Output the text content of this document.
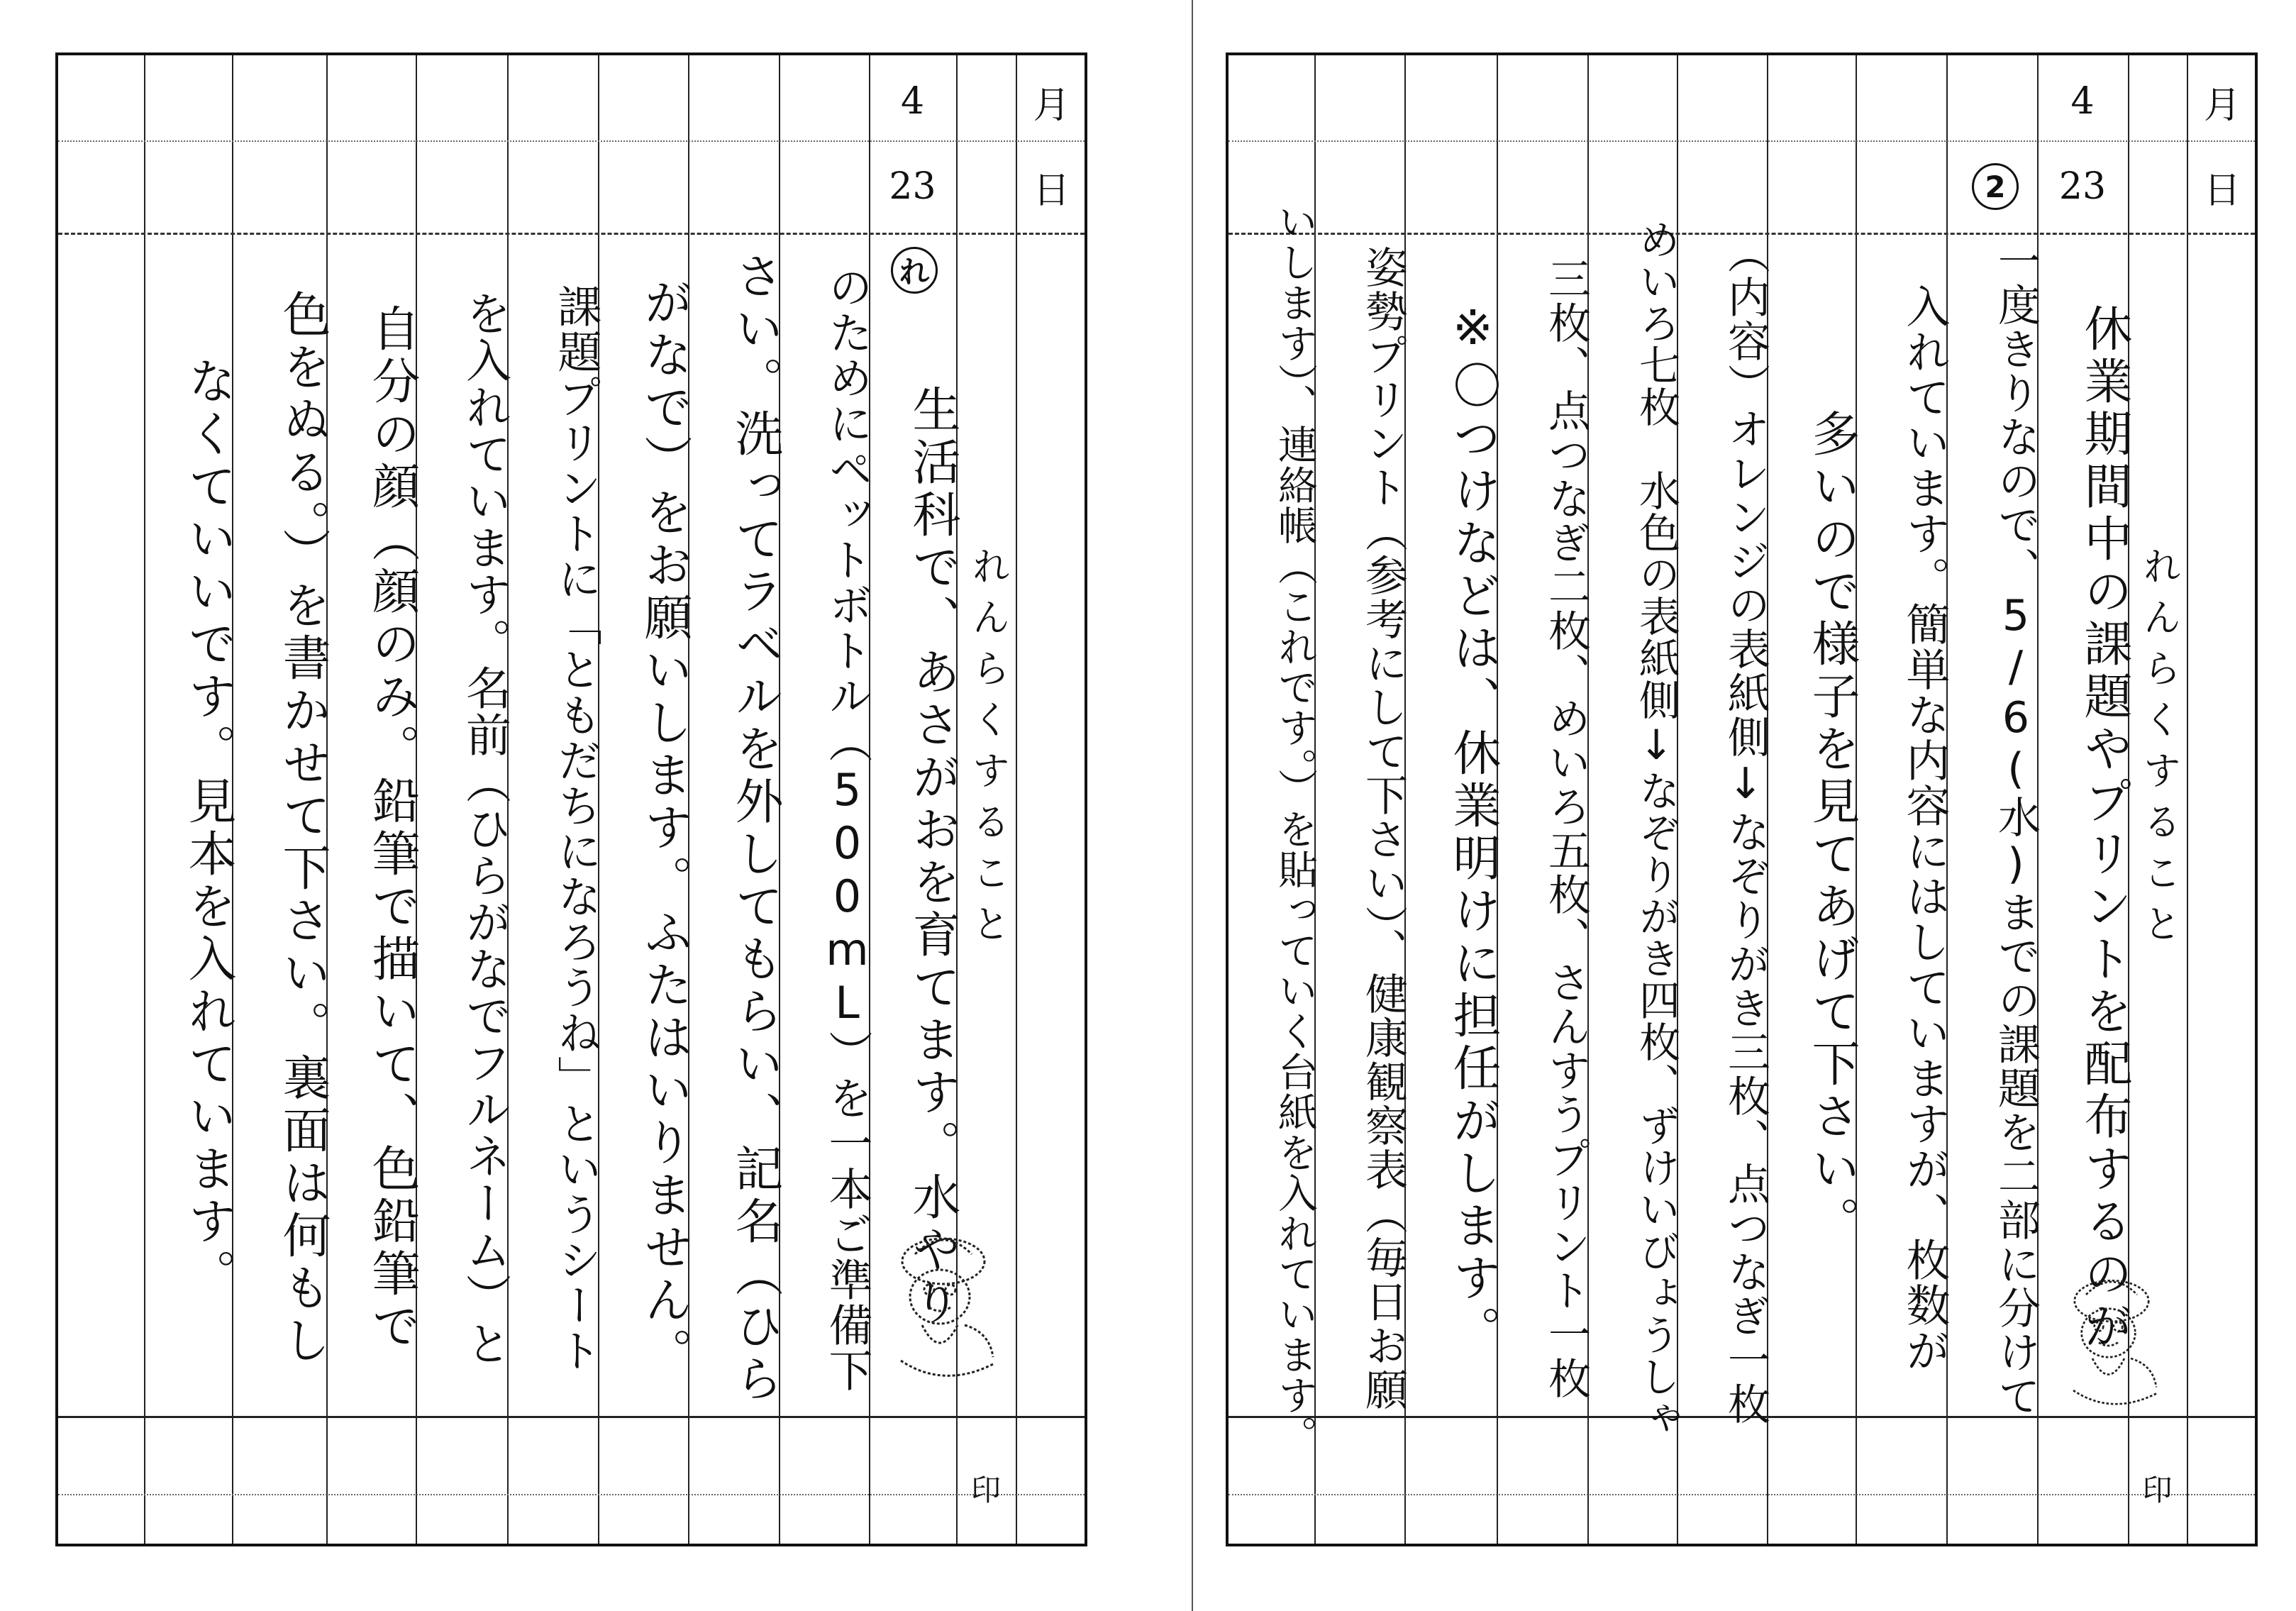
月
日
4
23
れんらくすること
印
れ
生活科で、あさがおを育てます。水やり
のためにペットボトル（500mL）を一本ご準備下
さい。洗ってラベルを外してもらい、記名（ひら
がなで）をお願いします。ふたはいりません。
課題プリントに「ともだちになろうね」というシート
を入れています。名前（ひらがなでフルネーム）と
自分の顔（顔のみ。鉛筆で描いて、色鉛筆で
色をぬる。）を書かせて下さい。裏面は何もし
なくていいです。見本を入れています。
月
日
4
23
2
れんらくすること
印
休業期間中の課題やプリントを配布するのが
一度きりなので、5/6(水)までの課題を二部に分けて
入れています。簡単な内容にはしていますが、枚数が
多いので様子を見てあげて下さい。
（内容）オレンジの表紙側↓なぞりがき三枚、点つなぎ一枚
めいろ七枚　水色の表紙側↓なぞりがき四枚、ずけいびょうしゃ
三枚、点つなぎ二枚、めいろ五枚、さんすうプリント一枚
※〇つけなどは、休業明けに担任がします。
姿勢プリント（参考にして下さい）、健康観察表（毎日お願
いします）、連絡帳（これです。）を貼っていく台紙を入れています。
